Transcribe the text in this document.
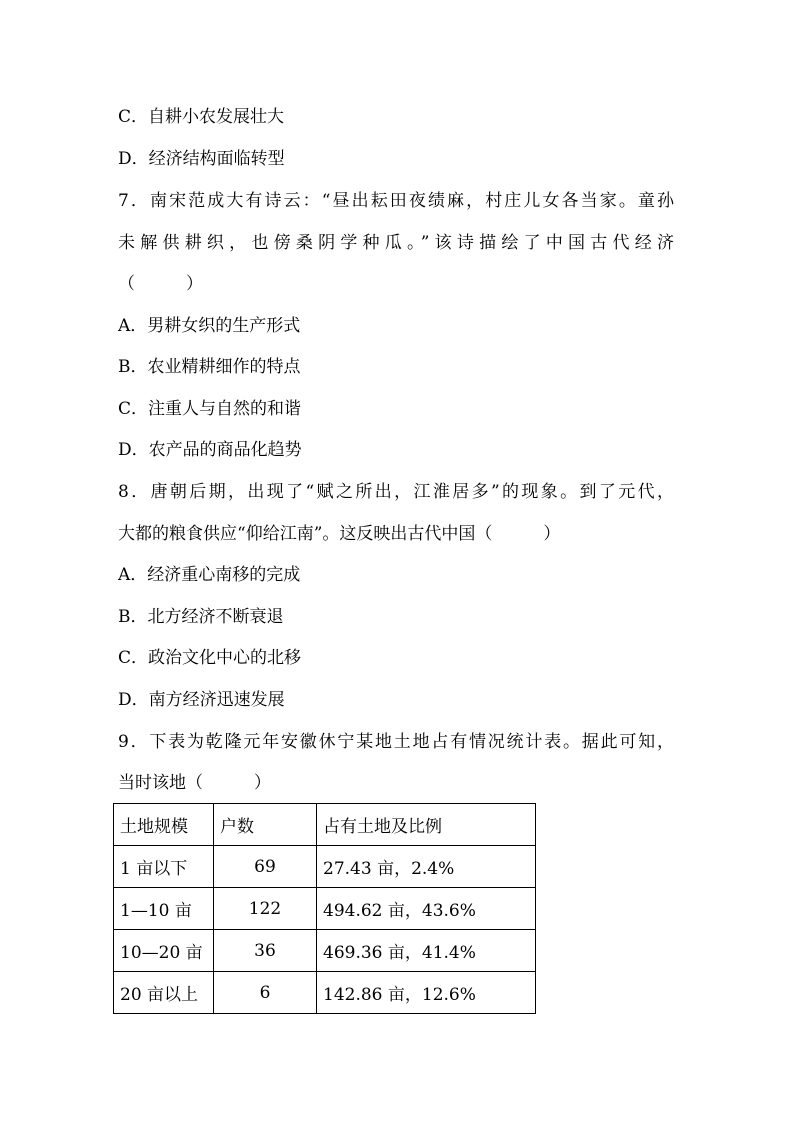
C．自耕小农发展壮大
D．经济结构面临转型
7．南宋范成大有诗云：“昼出耘田夜绩麻，村庄儿女各当家。童孙
未解供耕织，也傍桑阴学种瓜。”该诗描绘了中国古代经济
（　　　）
A．男耕女织的生产形式
B．农业精耕细作的特点
C．注重人与自然的和谐
D．农产品的商品化趋势
8．唐朝后期，出现了“赋之所出，江淮居多”的现象。到了元代，
大都的粮食供应“仰给江南”。这反映出古代中国（　　　）
A．经济重心南移的完成
B．北方经济不断衰退
C．政治文化中心的北移
D．南方经济迅速发展
9．下表为乾隆元年安徽休宁某地土地占有情况统计表。据此可知，
当时该地（　　　）
土地规模	户数	占有土地及比例
1 亩以下	69	27.43 亩，2.4%
1—10 亩	122	494.62 亩，43.6%
10—20 亩	36	469.36 亩，41.4%
20 亩以上	6	142.86 亩，12.6%
